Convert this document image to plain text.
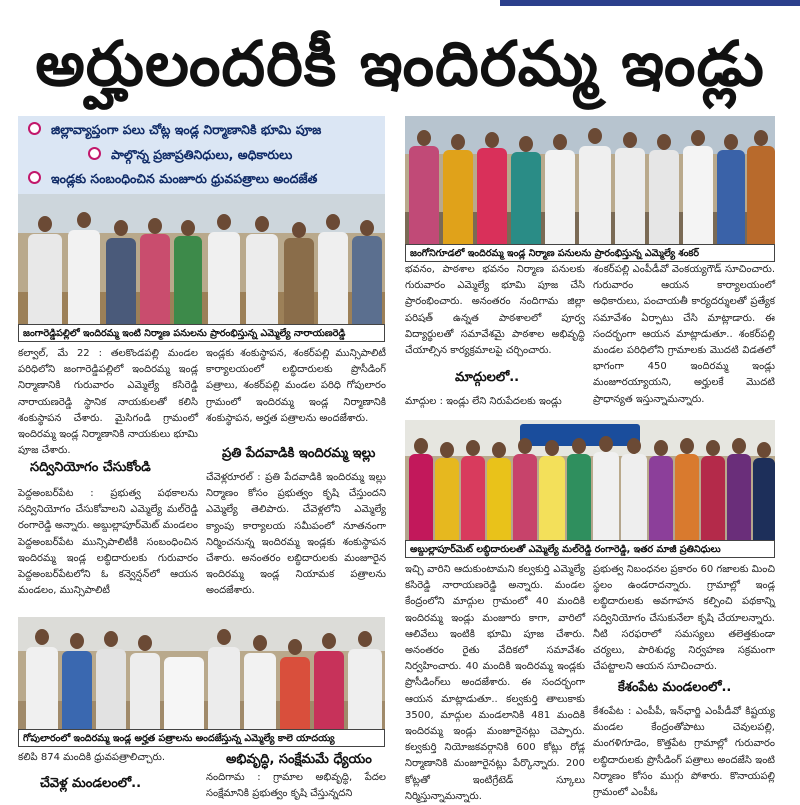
అర్హులందరికీ ఇందిరమ్మ ఇండ్లు
జిల్లావ్యాప్తంగా పలు చోట్ల ఇండ్ల నిర్మాణానికి భూమి పూజ
పాల్గొన్న ప్రజాప్రతినిధులు, అధికారులు
ఇండ్లకు సంబంధించిన మంజూరు ధ్రువపత్రాలు అందజేత
జంగారెడ్డిపల్లిలో ఇందిరమ్మ ఇంటి నిర్మాణ పనులను ప్రారంభిస్తున్న ఎమ్మెల్యే నారాయణరెడ్డి
జంగోనిగూడలో ఇందిరమ్మ ఇండ్ల నిర్మాణ పనులను ప్రారంభిస్తున్న ఎమ్మెల్యే శంకర్
కల్వాల్, మే 22 : తలకొండపల్లి మండల పరిధిలోని జంగారెడ్డిపల్లిలో ఇందిరమ్మ ఇండ్ల నిర్మాణానికి గురువారం ఎమ్మెల్యే కసిరెడ్డి నారాయణరెడ్డి స్థానిక నాయకులతో కలిసి శంకుస్థాపన చేశారు. మైసిగండి గ్రామంలో ఇందిరమ్మ ఇండ్ల నిర్మాణానికి నాయకులు భూమి పూజ చేశారు.
సద్వినియోగం చేసుకోండి
పెద్దఅంబర్‌పేట : ప్రభుత్వ పథకాలను సద్వినియోగం చేసుకోవాలని ఎమ్మెల్యే మల్‌రెడ్డి రంగారెడ్డి అన్నారు. అబ్దుల్లాపూర్‌మెట్ మండలం పెద్దఅంబర్‌పేట మున్సిపాలిటీకి సంబంధించిన ఇందిరమ్మ ఇండ్ల లబ్ధిదారులకు గురువారం పెద్దఅంబర్‌పేటలోని ఓ కన్వెన్షన్‌లో ఆయన మండలం, మున్సిపాలిటీ
ఇండ్లకు శంకుస్థాపన, శంకర్‌పల్లి మున్సిపాలిటీ కార్యాలయంలో లబ్ధిదారులకు ప్రొసీడింగ్ పత్రాలు, శంకర్‌పల్లి మండల పరిధి గోపులారం గ్రామంలో ఇందిరమ్మ ఇండ్ల నిర్మాణానికి శంకుస్థాపన, అర్హత పత్రాలను అందజేశారు.
ప్రతి పేదవాడికి ఇందిరమ్మ ఇల్లు
చేవెళ్లరూరల్ : ప్రతి పేదవాడికి ఇందిరమ్మ ఇల్లు నిర్మాణం కోసం ప్రభుత్వం కృషి చేస్తుందని ఎమ్మెల్యే తెలిపారు. చేవెళ్లలోని ఎమ్మెల్యే క్యాంపు కార్యాలయ సమీపంలో నూతనంగా నిర్మించనున్న ఇందిరమ్మ ఇండ్లకు శంకుస్థాపన చేశారు. అనంతరం లబ్ధిదారులకు మంజూరైన ఇందిరమ్మ ఇండ్ల నియామక పత్రాలను అందజేశారు.
గోపులారంలో ఇందిరమ్మ ఇండ్ల అర్హత పత్రాలను అందజేస్తున్న ఎమ్మెల్యే కాలె యాదయ్య
కలిపి 874 మందికి ధ్రువపత్రాలిచ్చారు.
చేవెళ్ల మండలంలో..
అభివృద్ధి, సంక్షేమమే ధ్యేయం
నందిగామ : గ్రామాల అభివృద్ధి, పేదల సంక్షేమానికి ప్రభుత్వం కృషి చేస్తున్నదని
భవనం, పాఠశాల భవనం నిర్మాణ పనులకు గురువారం ఎమ్మెల్యే భూమి పూజ చేసి ప్రారంభించారు. అనంతరం నందిగామ జిల్లా పరిషత్ ఉన్నత పాఠశాలలో పూర్వ విద్యార్థులతో సమావేశమై పాఠశాల అభివృద్ధి చేయాల్సిన కార్యక్రమాలపై చర్చించారు.
మాద్గులలో..
మాద్గుల : ఇండ్లు లేని నిరుపేదలకు ఇండ్లు
శంకర్‌పల్లి ఎంపీడీవో వెంకయ్యగౌడ్ సూచించారు. గురువారం ఆయన కార్యాలయంలో అధికారులు, పంచాయతీ కార్యదర్శులతో ప్రత్యేక సమావేశం ఏర్పాటు చేసి మాట్లాడారు. ఈ సందర్భంగా ఆయన మాట్లాడుతూ.. శంకర్‌పల్లి మండల పరిధిలోని గ్రామాలకు మొదటి విడతలో భాగంగా 450 ఇందిరమ్మ ఇండ్లు మంజూరయ్యాయని, అర్హులకే మొదటి ప్రాధాన్యత ఇస్తున్నామన్నారు.
అబ్దుల్లాపూర్‌మెట్ లబ్ధిదారులతో ఎమ్మెల్యే మల్‌రెడ్డి రంగారెడ్డి, ఇతర మాజీ ప్రతినిధులు
ఇచ్చి వారిని ఆదుకుంటామని కల్వకుర్తి ఎమ్మెల్యే కసిరెడ్డి నారాయణరెడ్డి అన్నారు. మండల కేంద్రంలోని మాద్గుల గ్రామంలో 40 మందికి ఇందిరమ్మ ఇండ్లు మంజూరు కాగా, వారిలో ఆలివేలు ఇంటికి భూమి పూజ చేశారు. అనంతరం రైతు వేదికలో సమావేశం నిర్వహించారు. 40 మందికి ఇందిరమ్మ ఇండ్లకు ప్రొసీడింగ్‌లు అందజేశారు. ఈ సందర్భంగా ఆయన మాట్లాడుతూ.. కల్వకుర్తి తాలుకాకు 3500, మాద్గుల మండలానికి 481 మందికి ఇందిరమ్మ ఇండ్లు మంజూరైనట్లు చెప్పారు. కల్వకుర్తి నియోజకవర్గానికి 600 కోట్లు రోడ్ల నిర్మాణానికి మంజూరైనట్లు పేర్కొన్నారు. 200 కోట్లతో ఇంటిగ్రేటెడ్ స్కూలు నిర్మిస్తున్నామన్నారు.
ప్రభుత్వ నిబంధనల ప్రకారం 60 గజాలకు మించి స్థలం ఉండరాదన్నారు. గ్రామాల్లో ఇండ్ల లబ్ధిదారులకు అవగాహన కల్పించి పథకాన్ని సద్వినియోగం చేసుకునేలా కృషి చేయాలన్నారు. నీటి సరఫరాలో సమస్యలు తలెత్తకుండా చర్యలు, పారిశుధ్య నిర్వహణ సక్రమంగా చేపట్టాలని ఆయన సూచించారు.
కేశంపేట మండలంలో..
కేశంపేట : ఎంపీపీ, ఇన్‌ఛార్జి ఎంపీడీవో కిష్టయ్య మండల కేంద్రంతోపాటు చెవులపల్లి, మంగళిగూడెం, కొత్తపేట గ్రామాల్లో గురువారం లబ్ధిదారులకు ప్రొసీడింగ్ పత్రాలు అందజేసి ఇంటి నిర్మాణం కోసం ముగ్గు పోశారు. కొనాయపల్లి గ్రామంలో ఎంపీఓ
